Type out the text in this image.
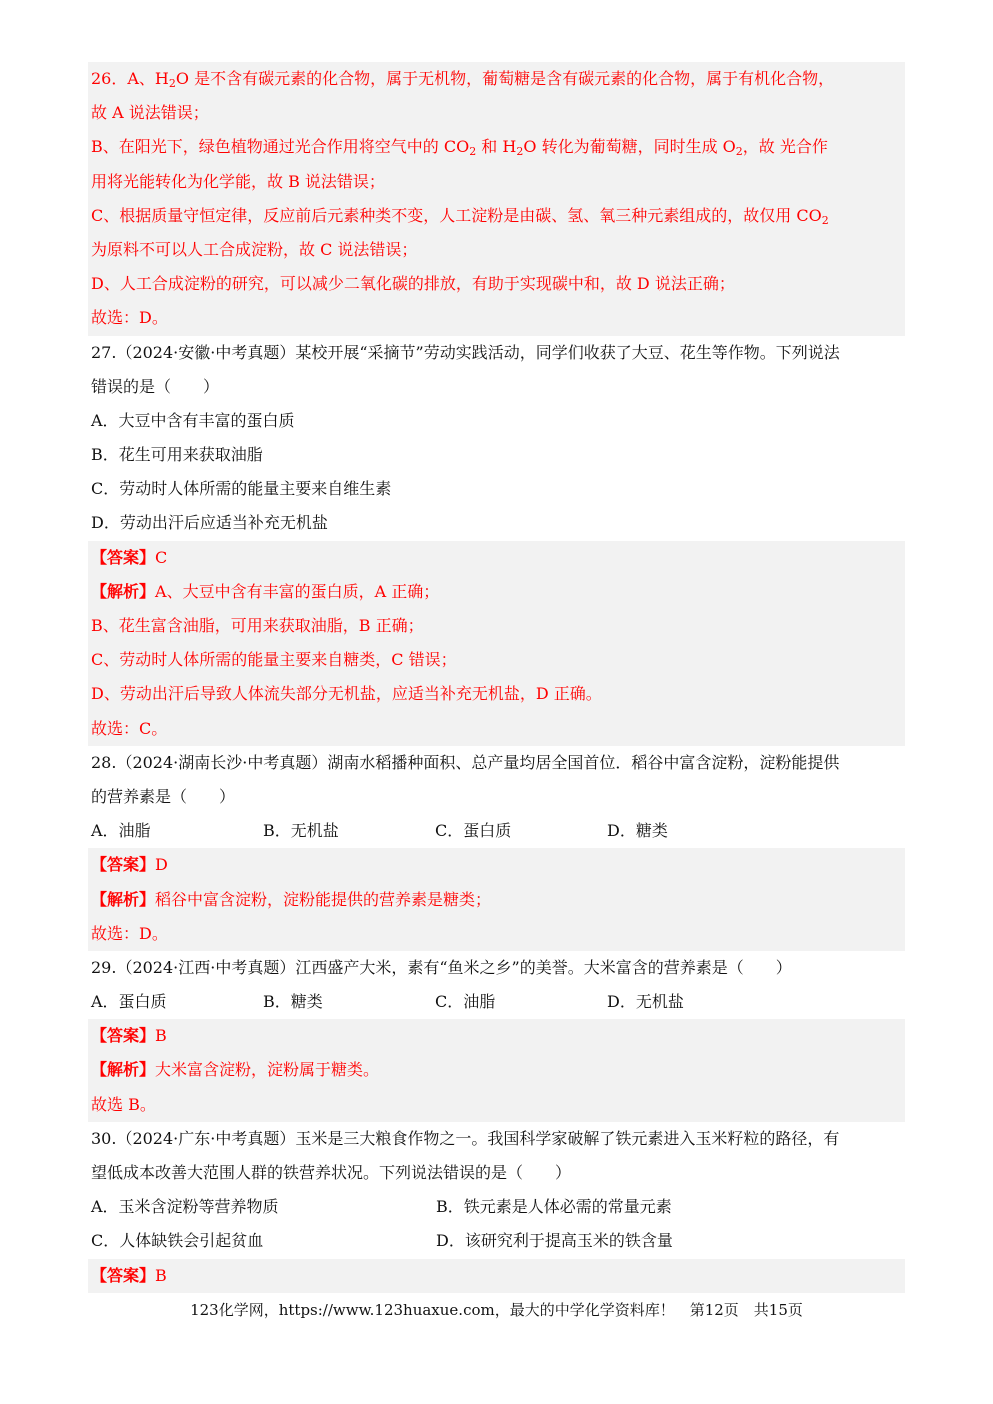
26．A、$H_2O$ 是不含有碳元素的化合物，属于无机物，葡萄糖是含有碳元素的化合物，属于有机化合物，
故 A 说法错误；
B、在阳光下，绿色植物通过光合作用将空气中的 $CO_2$ 和 $H_2O$ 转化为葡萄糖，同时生成 $O_2$，故 光合作
用将光能转化为化学能，故 B 说法错误；
C、根据质量守恒定律，反应前后元素种类不变，人工淀粉是由碳、氢、氧三种元素组成的，故仅用 $CO_2$
为原料不可以人工合成淀粉，故 C 说法错误；
D、人工合成淀粉的研究，可以减少二氧化碳的排放，有助于实现碳中和，故 D 说法正确；
故选：D。
27.（2024·安徽·中考真题）某校开展“采摘节”劳动实践活动，同学们收获了大豆、花生等作物。下列说法
错误的是（　　）
A．大豆中含有丰富的蛋白质
B．花生可用来获取油脂
C．劳动时人体所需的能量主要来自维生素
D．劳动出汗后应适当补充无机盐
【答案】C
【解析】A、大豆中含有丰富的蛋白质，A 正确；
B、花生富含油脂，可用来获取油脂，B 正确；
C、劳动时人体所需的能量主要来自糖类，C 错误；
D、劳动出汗后导致人体流失部分无机盐，应适当补充无机盐，D 正确。
故选：C。
28.（2024·湖南长沙·中考真题）湖南水稻播种面积、总产量均居全国首位．稻谷中富含淀粉，淀粉能提供
的营养素是（　　）
A．油脂	B．无机盐	C．蛋白质	D．糖类
【答案】D
【解析】稻谷中富含淀粉，淀粉能提供的营养素是糖类；
故选：D。
29.（2024·江西·中考真题）江西盛产大米，素有“鱼米之乡”的美誉。大米富含的营养素是（　　）
A．蛋白质	B．糖类	C．油脂	D．无机盐
【答案】B
【解析】大米富含淀粉，淀粉属于糖类。
故选 B。
30.（2024·广东·中考真题）玉米是三大粮食作物之一。我国科学家破解了铁元素进入玉米籽粒的路径，有
望低成本改善大范围人群的铁营养状况。下列说法错误的是（　　）
A．玉米含淀粉等营养物质	B．铁元素是人体必需的常量元素
C．人体缺铁会引起贫血	D．该研究利于提高玉米的铁含量
【答案】B
123化学网，https://www.123huaxue.com，最大的中学化学资料库！　第12页　共15页
